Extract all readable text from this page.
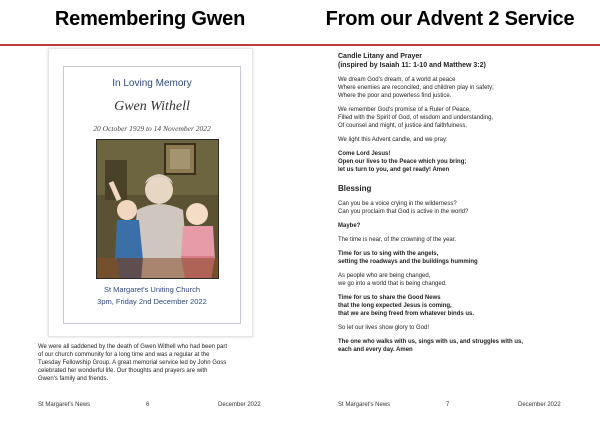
Remembering Gwen
In Loving Memory
Gwen Withell
20 October 1929 to 14 November 2022
St Margaret's Uniting Church
3pm, Friday 2nd December 2022
We were all saddened by the death of Gwen Withell who had been part
of our church community for a long time and was a regular at the
Tuesday Fellowship Group. A great memorial service led by John Goss
celebrated her wonderful life. Our thoughts and prayers are with
Gwen's family and friends.
St Margaret's News	6	December 2022
From our Advent 2 Service

Candle Litany and Prayer
(inspired by Isaiah 11: 1-10 and Matthew 3:2)

We dream God's dream, of a world at peace
Where enemies are reconciled, and children play in safety;
Where the poor and powerless find justice.

We remember God's promise of a Ruler of Peace,
Filled with the Spirit of God, of wisdom and understanding,
Of counsel and might, of justice and faithfulness.

We light this Advent candle, and we pray:

Come Lord Jesus!
Open our lives to the Peace which you bring;
let us turn to you, and get ready! Amen

Blessing

Can you be a voice crying in the wilderness?
Can you proclaim that God is active in the world?

Maybe?

The time is near, of the crowning of the year.

Time for us to sing with the angels,
setting the roadways and the buildings humming

As people who are being changed,
we go into a world that is being changed.

Time for us to share the Good News
that the long expected Jesus is coming,
that we are being freed from whatever binds us.

So let our lives show glory to God!

The one who walks with us, sings with us, and struggles with us,
each and every day. Amen

St Margaret's News	7	December 2022
